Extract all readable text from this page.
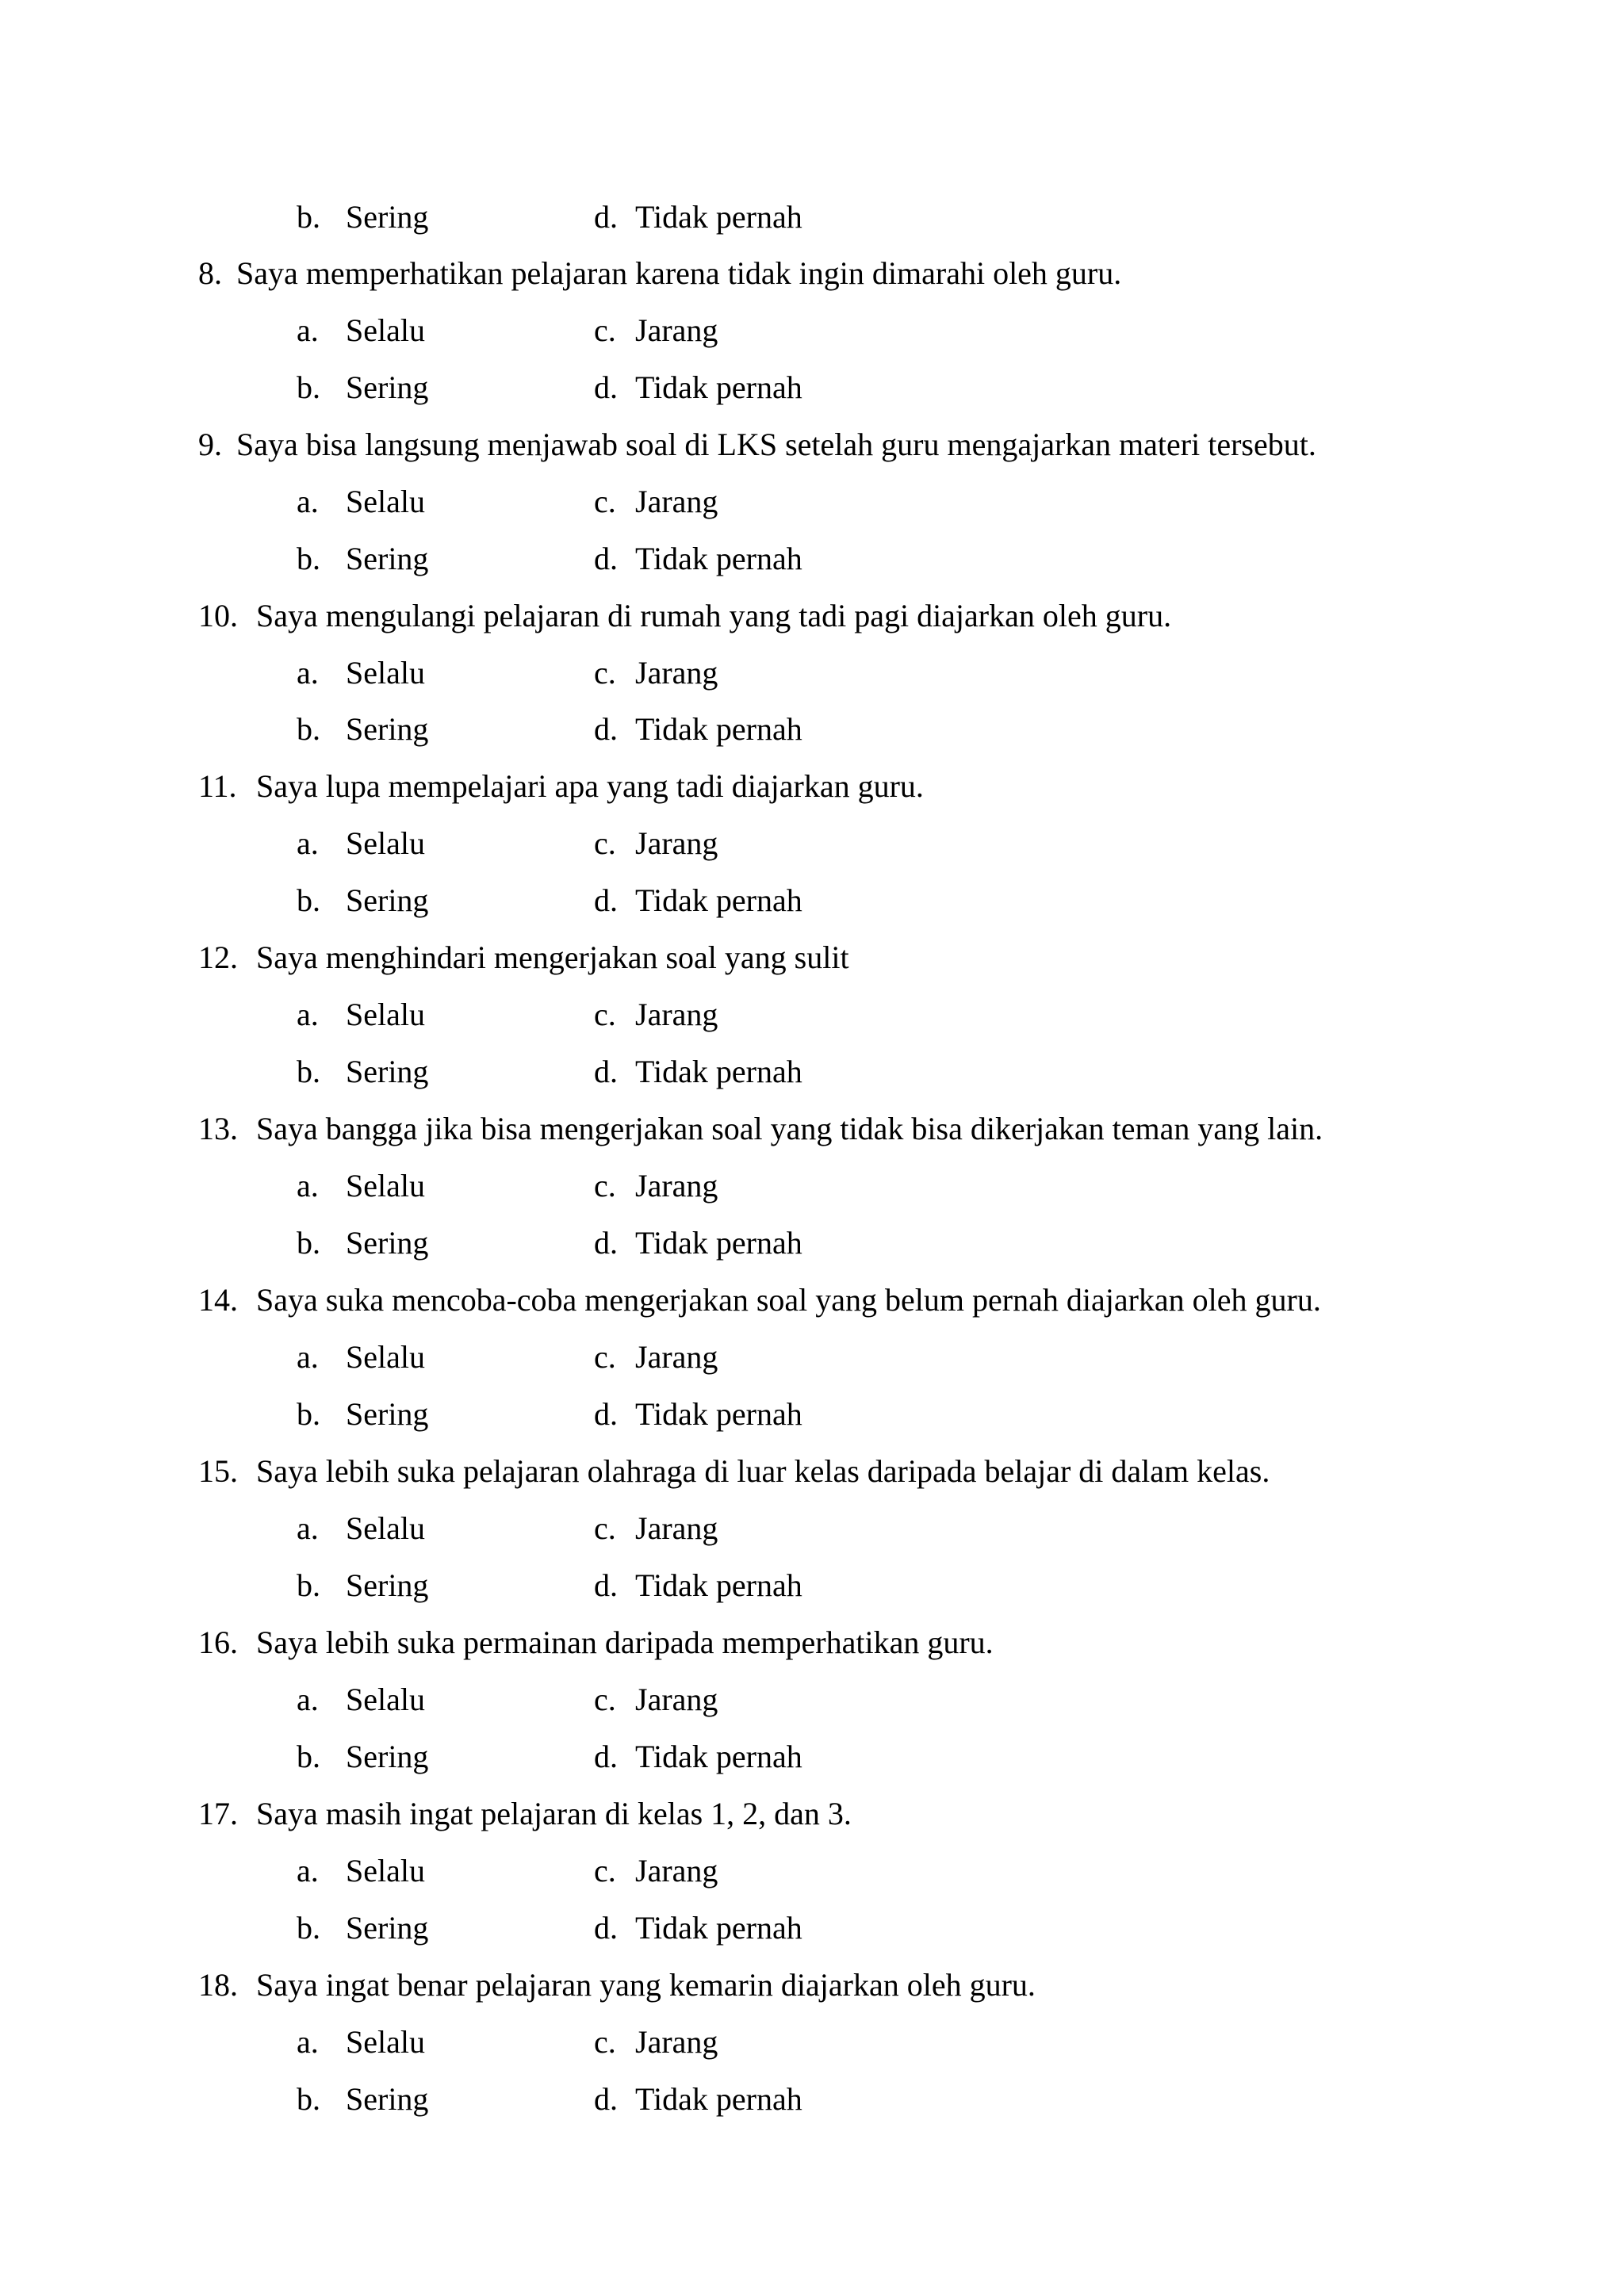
b. Sering	d. Tidak pernah
8. Saya memperhatikan pelajaran karena tidak ingin dimarahi oleh guru.
a. Selalu	c. Jarang
b. Sering	d. Tidak pernah
9. Saya bisa langsung menjawab soal di LKS setelah guru mengajarkan materi tersebut.
a. Selalu	c. Jarang
b. Sering	d. Tidak pernah
10. Saya mengulangi pelajaran di rumah yang tadi pagi diajarkan oleh guru.
a. Selalu	c. Jarang
b. Sering	d. Tidak pernah
11. Saya lupa mempelajari apa yang tadi diajarkan guru.
a. Selalu	c. Jarang
b. Sering	d. Tidak pernah
12. Saya menghindari mengerjakan soal yang sulit
a. Selalu	c. Jarang
b. Sering	d. Tidak pernah
13. Saya bangga jika bisa mengerjakan soal yang tidak bisa dikerjakan teman yang lain.
a. Selalu	c. Jarang
b. Sering	d. Tidak pernah
14. Saya suka mencoba-coba mengerjakan soal yang belum pernah diajarkan oleh guru.
a. Selalu	c. Jarang
b. Sering	d. Tidak pernah
15. Saya lebih suka pelajaran olahraga di luar kelas daripada belajar di dalam kelas.
a. Selalu	c. Jarang
b. Sering	d. Tidak pernah
16. Saya lebih suka permainan daripada memperhatikan guru.
a. Selalu	c. Jarang
b. Sering	d. Tidak pernah
17. Saya masih ingat pelajaran di kelas 1, 2, dan 3.
a. Selalu	c. Jarang
b. Sering	d. Tidak pernah
18. Saya ingat benar pelajaran yang kemarin diajarkan oleh guru.
a. Selalu	c. Jarang
b. Sering	d. Tidak pernah
